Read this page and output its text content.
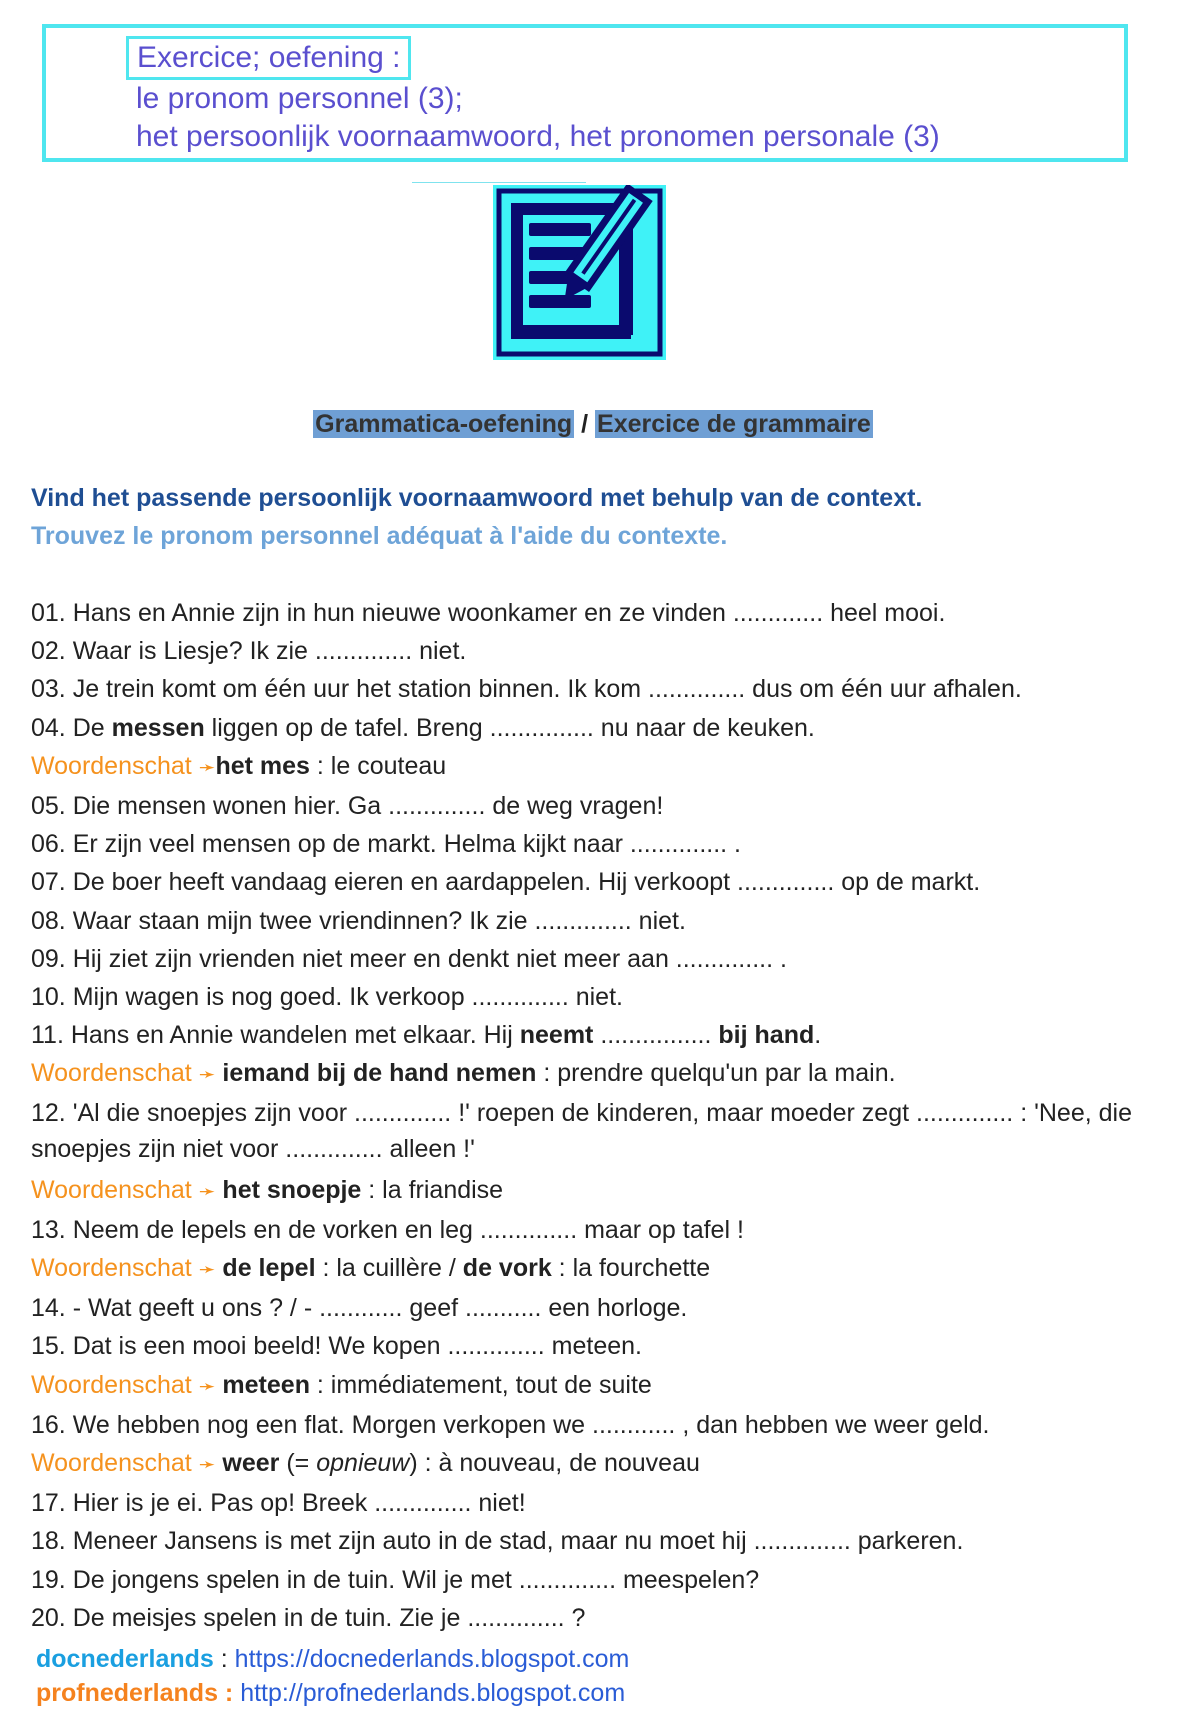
Exercice; oefening :
le pronom personnel (3);
het persoonlijk voornaamwoord, het pronomen personale (3)
Grammatica-oefening / Exercice de grammaire
Vind het passende persoonlijk voornaamwoord met behulp van de context.
Trouvez le pronom personnel adéquat à l'aide du contexte.
01. Hans en Annie zijn in hun nieuwe woonkamer en ze vinden ............. heel mooi.
02. Waar is Liesje? Ik zie .............. niet.
03. Je trein komt om één uur het station binnen. Ik kom .............. dus om één uur afhalen.
04. De messen liggen op de tafel. Breng ............... nu naar de keuken.
Woordenschat ➛het mes : le couteau
05. Die mensen wonen hier. Ga .............. de weg vragen!
06. Er zijn veel mensen op de markt. Helma kijkt naar .............. .
07. De boer heeft vandaag eieren en aardappelen. Hij verkoopt .............. op de markt.
08. Waar staan mijn twee vriendinnen? Ik zie .............. niet.
09. Hij ziet zijn vrienden niet meer en denkt niet meer aan .............. .
10. Mijn wagen is nog goed. Ik verkoop .............. niet.
11. Hans en Annie wandelen met elkaar. Hij neemt ................ bij hand.
Woordenschat ➛ iemand bij de hand nemen : prendre quelqu'un par la main.
12. 'Al die snoepjes zijn voor .............. !' roepen de kinderen, maar moeder zegt .............. : 'Nee, die snoepjes zijn niet voor .............. alleen !'
Woordenschat ➛ het snoepje : la friandise
13. Neem de lepels en de vorken en leg .............. maar op tafel !
Woordenschat ➛ de lepel : la cuillère / de vork : la fourchette
14. - Wat geeft u ons ? / - ............ geef ........... een horloge.
15. Dat is een mooi beeld! We kopen .............. meteen.
Woordenschat ➛ meteen : immédiatement, tout de suite
16. We hebben nog een flat. Morgen verkopen we ............ , dan hebben we weer geld.
Woordenschat ➛ weer (= opnieuw) : à nouveau, de nouveau
17. Hier is je ei. Pas op! Breek .............. niet!
18. Meneer Jansens is met zijn auto in de stad, maar nu moet hij .............. parkeren.
19. De jongens spelen in de tuin. Wil je met .............. meespelen?
20. De meisjes spelen in de tuin. Zie je .............. ?
docnederlands : https://docnederlands.blogspot.com
profnederlands : http://profnederlands.blogspot.com
